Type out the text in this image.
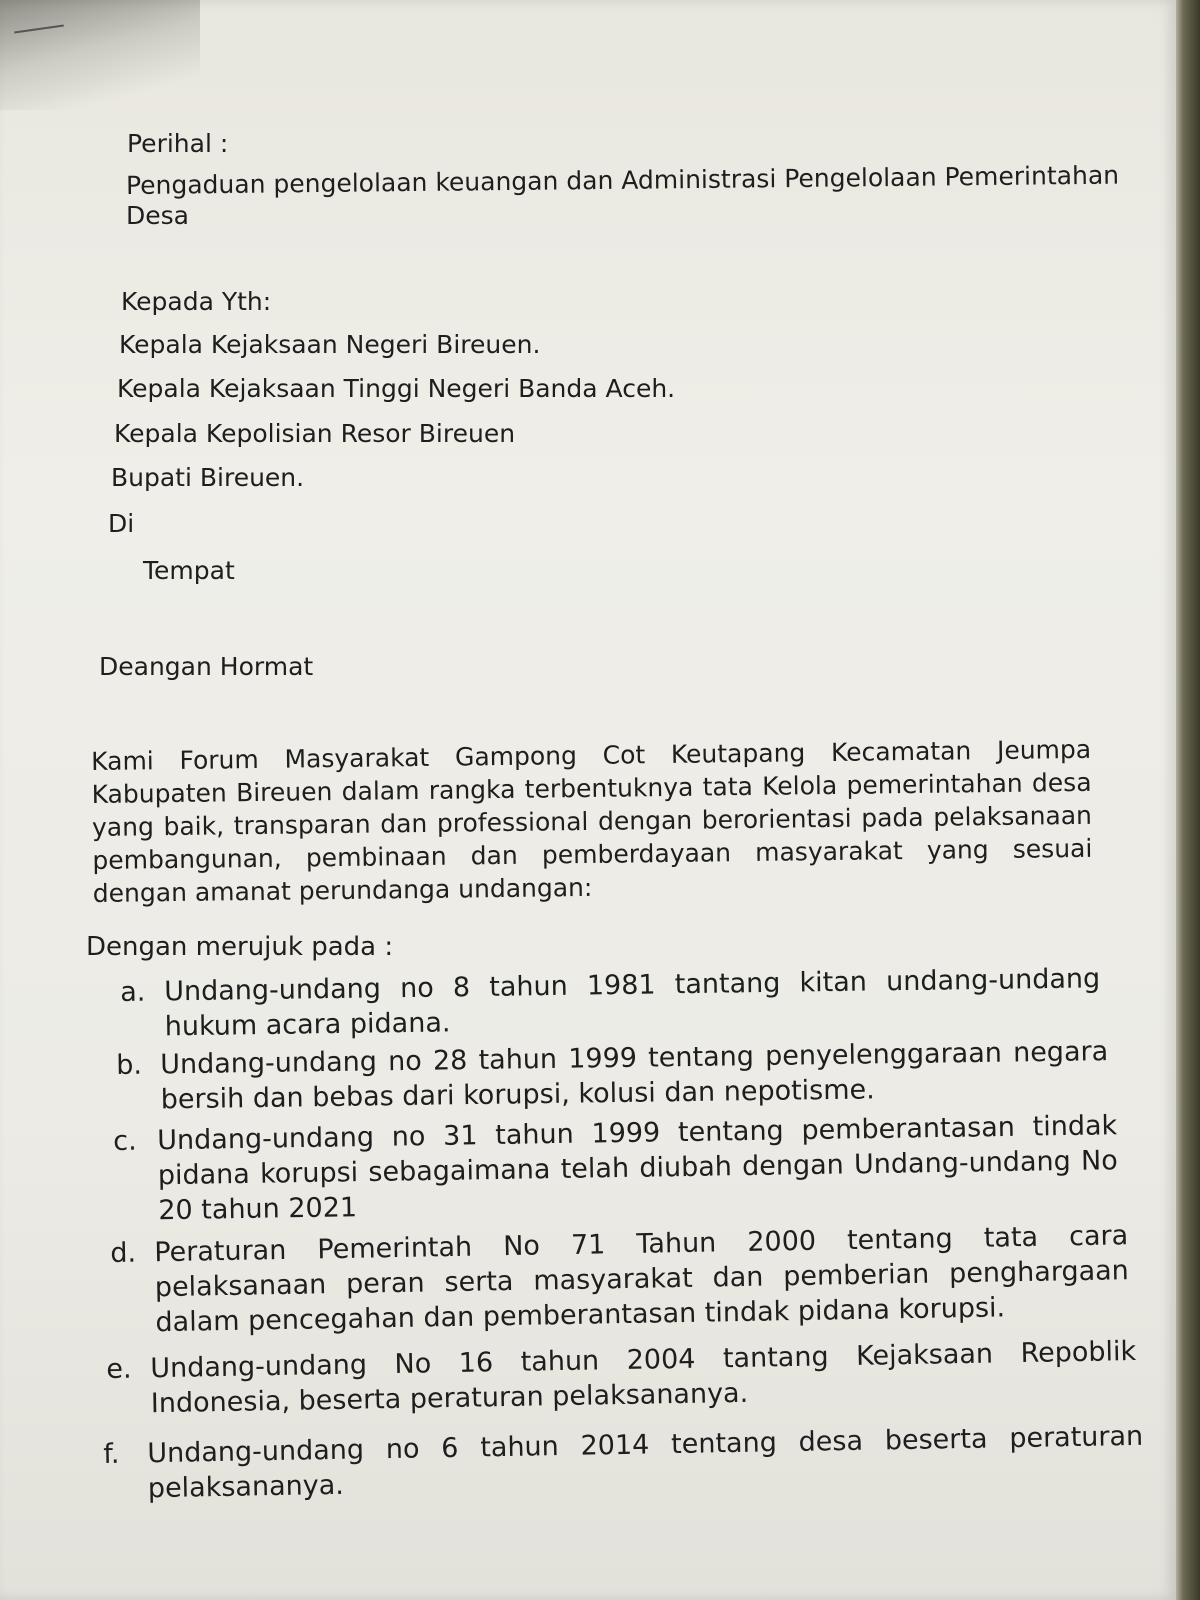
Perihal :
Pengaduan pengelolaan keuangan dan Administrasi Pengelolaan Pemerintahan
Desa
Kepada Yth:
Kepala Kejaksaan Negeri Bireuen.
Kepala Kejaksaan Tinggi Negeri Banda Aceh.
Kepala Kepolisian Resor Bireuen
Bupati Bireuen.
Di
Tempat
Deangan Hormat
Kami Forum Masyarakat Gampong Cot Keutapang Kecamatan Jeumpa Kabupaten Bireuen dalam rangka terbentuknya tata Kelola pemerintahan desa yang baik, transparan dan professional dengan berorientasi pada pelaksanaan pembangunan, pembinaan dan pemberdayaan masyarakat yang sesuai dengan amanat perundanga undangan:
Dengan merujuk pada :
a. Undang-undang no 8 tahun 1981 tantang kitan undang-undang hukum acara pidana.
b. Undang-undang no 28 tahun 1999 tentang penyelenggaraan negara bersih dan bebas dari korupsi, kolusi dan nepotisme.
c. Undang-undang no 31 tahun 1999 tentang pemberantasan tindak pidana korupsi sebagaimana telah diubah dengan Undang-undang No 20 tahun 2021
d. Peraturan Pemerintah No 71 Tahun 2000 tentang tata cara pelaksanaan peran serta masyarakat dan pemberian penghargaan dalam pencegahan dan pemberantasan tindak pidana korupsi.
e. Undang-undang No 16 tahun 2004 tantang Kejaksaan Repoblik Indonesia, beserta peraturan pelaksananya.
f. Undang-undang no 6 tahun 2014 tentang desa beserta peraturan pelaksananya.
